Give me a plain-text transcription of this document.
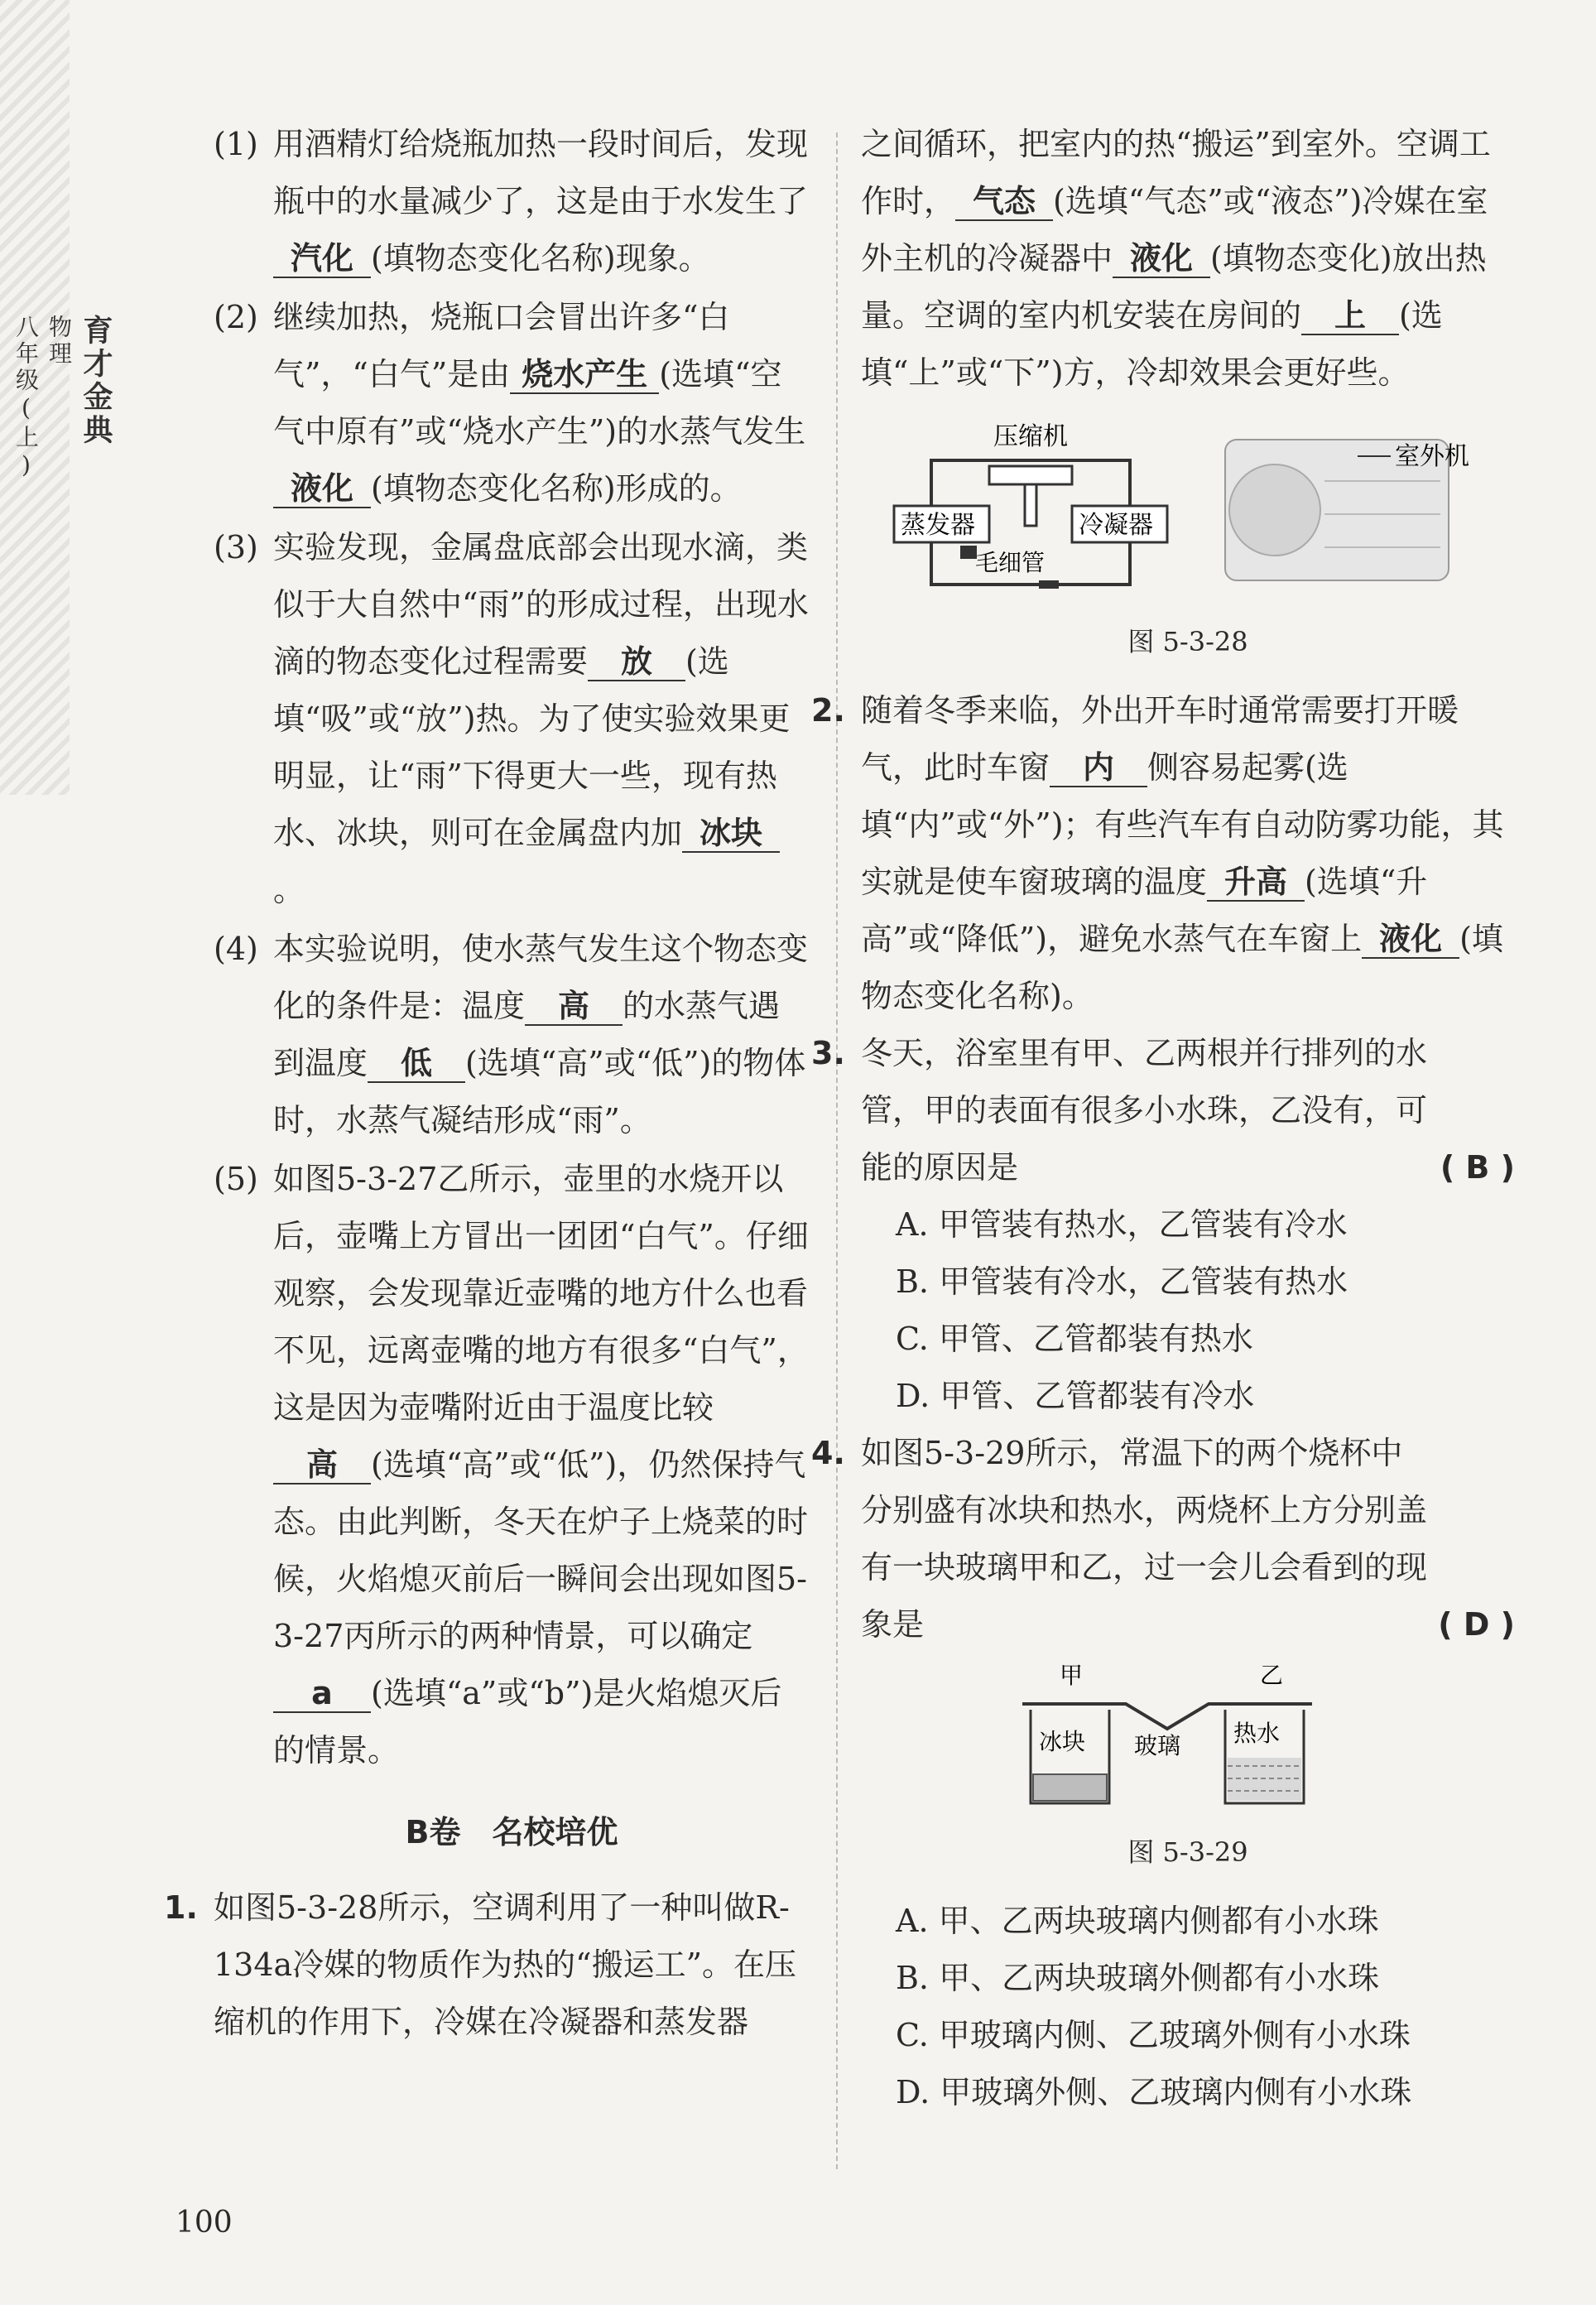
育才金典
物理
八年级(上)

(1) 用酒精灯给烧瓶加热一段时间后，发现瓶中的水量减少了，这是由于水发生了汽化 (填物态变化名称)现象。

(2) 继续加热，烧瓶口会冒出许多“白气”，“白气”是由 烧水产生 (选填“空气中原有”或“烧水产生”)的水蒸气发生液化 (填物态变化名称)形成的。

(3) 实验发现，金属盘底部会出现水滴，类似于大自然中“雨”的形成过程，出现水滴的物态变化过程需要 放 (选填“吸”或“放”)热。为了使实验效果更明显，让“雨”下得更大一些，现有热水、冰块，则可在金属盘内加 冰块。

(4) 本实验说明，使水蒸气发生这个物态变化的条件是：温度 高 的水蒸气遇到温度 低 (选填“高”或“低”)的物体时，水蒸气凝结形成“雨”。

(5) 如图5-3-27乙所示，壶里的水烧开以后，壶嘴上方冒出一团团“白气”。仔细观察，会发现靠近壶嘴的地方什么也看不见，远离壶嘴的地方有很多“白气”，这是因为壶嘴附近由于温度比较高 (选填“高”或“低”)，仍然保持气态。由此判断，冬天在炉子上烧菜的时候，火焰熄灭前后一瞬间会出现如图5-3-27丙所示的两种情景，可以确定a (选填“a”或“b”)是火焰熄灭后的情景。

B卷　名校培优

1. 如图5-3-28所示，空调利用了一种叫做R-134a冷媒的物质作为热的“搬运工”。在压缩机的作用下，冷媒在冷凝器和蒸发器

之间循环，把室内的热“搬运”到室外。空调工作时， 气态 (选填“气态”或“液态”)冷媒在室外主机的冷凝器中 液化 (填物态变化)放出热量。空调的室内机安装在房间的 上 (选填“上”或“下”)方，冷却效果会更好些。

压缩机
蒸发器	冷凝器
毛细管
室外机

图 5-3-28

2. 随着冬季来临，外出开车时通常需要打开暖气，此时车窗 内 侧容易起雾(选填“内”或“外”)；有些汽车有自动防雾功能，其实就是使车窗玻璃的温度 升高 (选填“升高”或“降低”)，避免水蒸气在车窗上 液化 (填物态变化名称)。

3. 冬天，浴室里有甲、乙两根并行排列的水管，甲的表面有很多小水珠，乙没有，可能的原因是	( B )

A. 甲管装有热水，乙管装有冷水

B. 甲管装有冷水，乙管装有热水

C. 甲管、乙管都装有热水

D. 甲管、乙管都装有冷水

4. 如图5-3-29所示，常温下的两个烧杯中分别盛有冰块和热水，两烧杯上方分别盖有一块玻璃甲和乙，过一会儿会看到的现象是	( D )

甲	乙
冰块 玻璃 热水

图 5-3-29

A. 甲、乙两块玻璃内侧都有小水珠

B. 甲、乙两块玻璃外侧都有小水珠

C. 甲玻璃内侧、乙玻璃外侧有小水珠

D. 甲玻璃外侧、乙玻璃内侧有小水珠

100
